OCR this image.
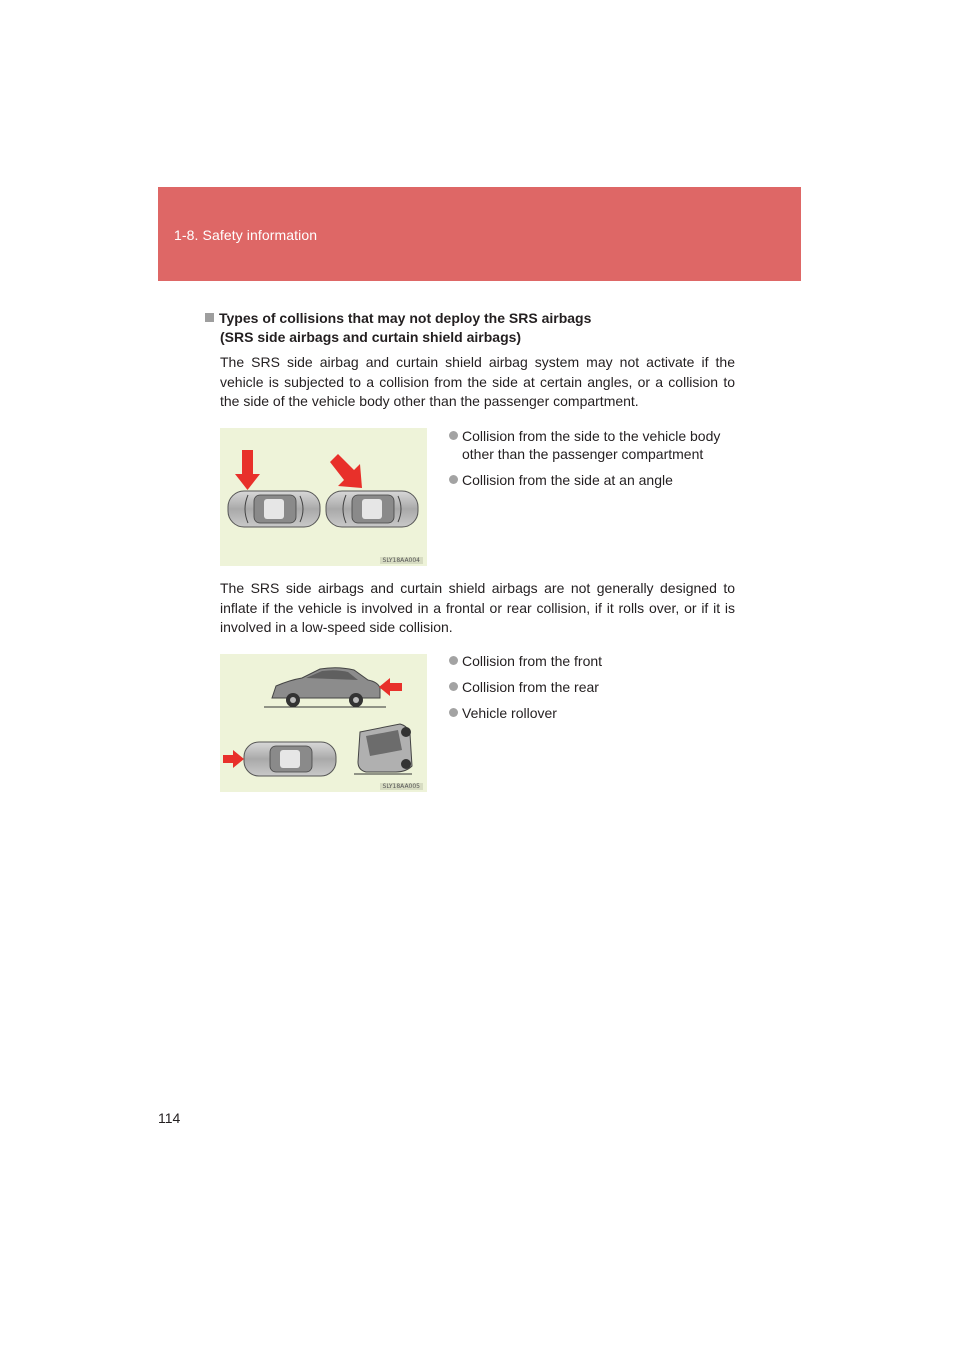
1-8. Safety information
Types of collisions that may not deploy the SRS airbags
(SRS side airbags and curtain shield airbags)
The SRS side airbag and curtain shield airbag system may not activate if the vehicle is subjected to a collision from the side at certain angles, or a collision to the side of the vehicle body other than the passenger compartment.
SLY18AA004
Collision from the side to the vehicle body other than the passenger compartment
Collision from the side at an angle
The SRS side airbags and curtain shield airbags are not generally designed to inflate if the vehicle is involved in a frontal or rear collision, if it rolls over, or if it is involved in a low-speed side collision.
SLY18AA005
Collision from the front
Collision from the rear
Vehicle rollover
114
